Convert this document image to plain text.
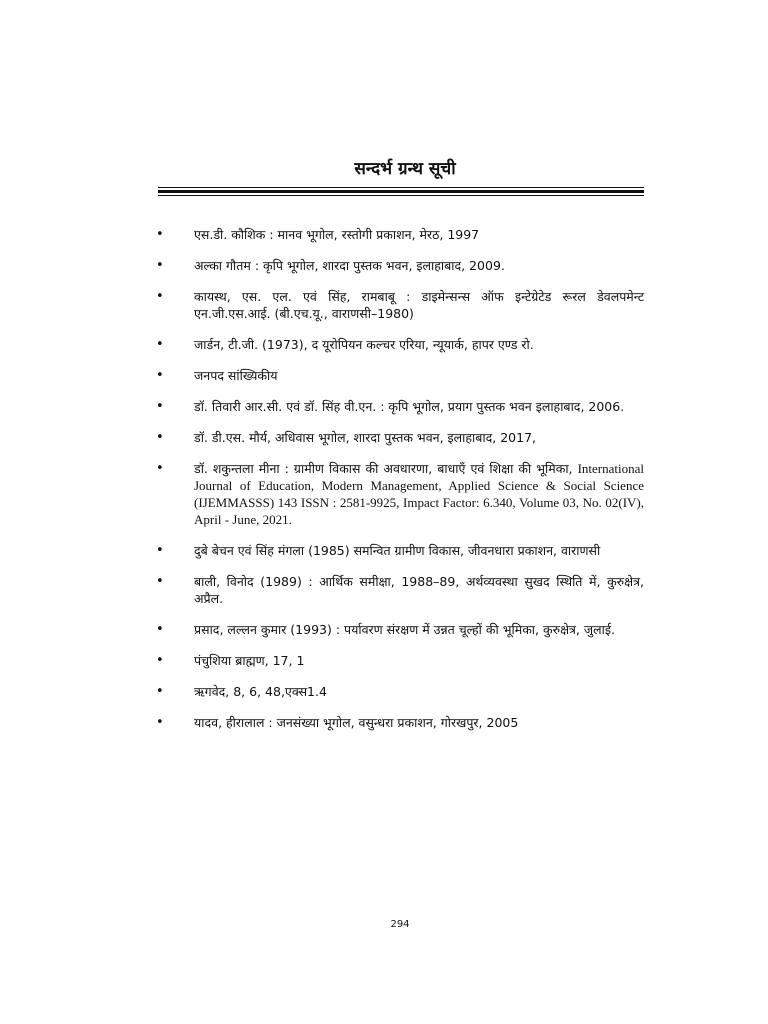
सन्दर्भ ग्रन्थ सूची
• एस.डी. कौशिक : मानव भूगोल, रस्तोगी प्रकाशन, मेरठ, 1997
• अल्का गौतम : कृपि भूगोल, शारदा पुस्तक भवन, इलाहाबाद, 2009.
• कायस्थ, एस. एल. एवं सिंह, रामबाबू : डाइमेन्सन्स ऑफ इन्टेग्रेटेड रूरल डेवलपमेन्ट एन.जी.एस.आई. (बी.एच.यू., वाराणसी–1980)
• जार्डन, टी.जी. (1973), द यूरोपियन कल्चर एरिया, न्यूयार्क, हापर एण्ड रो.
• जनपद सांख्यिकीय
• डॉ. तिवारी आर.सी. एवं डॉ. सिंह वी.एन. : कृपि भूगोल, प्रयाग पुस्तक भवन इलाहाबाद, 2006.
• डॉ. डी.एस. मौर्य, अधिवास भूगोल, शारदा पुस्तक भवन, इलाहाबाद, 2017,
• डॉ. शकुन्तला मीना : ग्रामीण विकास की अवधारणा, बाधाएँ एवं शिक्षा की भूमिका, International Journal of Education, Modern Management, Applied Science & Social Science (IJEMMASSS) 143 ISSN : 2581-9925, Impact Factor: 6.340, Volume 03, No. 02(IV), April - June, 2021.
• दुबे बेचन एवं सिंह मंगला (1985) समन्वित ग्रामीण विकास, जीवनधारा प्रकाशन, वाराणसी
• बाली, विनोद (1989) : आर्थिक समीक्षा, 1988–89, अर्थव्यवस्था सुखद स्थिति में, कुरुक्षेत्र, अप्रैल.
• प्रसाद, लल्लन कुमार (1993) : पर्यावरण संरक्षण में उन्नत चूल्हों की भूमिका, कुरुक्षेत्र, जुलाई.
• पंचुशिया ब्राह्मण, 17, 1
• ऋगवेद, 8, 6, 48,एक्स1.4
• यादव, हीरालाल : जनसंख्या भूगोल, वसुन्धरा प्रकाशन, गोरखपुर, 2005
294
